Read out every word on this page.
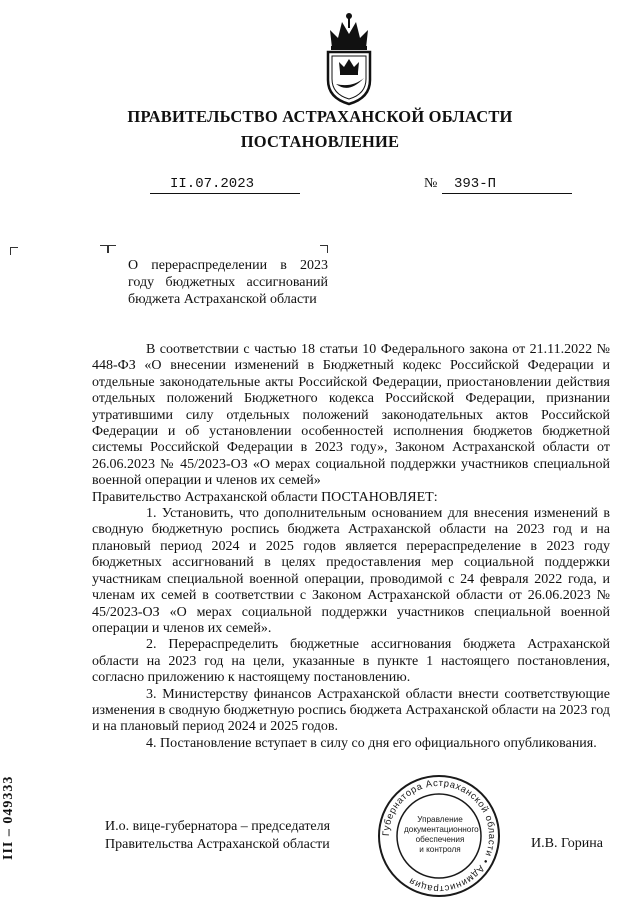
ПРАВИТЕЛЬСТВО АСТРАХАНСКОЙ ОБЛАСТИ
ПОСТАНОВЛЕНИЕ
II.07.2023	№	393-П
О перераспределении в 2023 году бюджетных ассигнований бюджета Астраханской области

В соответствии с частью 18 статьи 10 Федерального закона от 21.11.2022 № 448-ФЗ «О внесении изменений в Бюджетный кодекс Российской Федерации и отдельные законодательные акты Российской Федерации, приостановлении действия отдельных положений Бюджетного кодекса Российской Федерации, признании утратившими силу отдельных положений законодательных актов Российской Федерации и об установлении особенностей исполнения бюджетов бюджетной системы Российской Федерации в 2023 году», Законом Астраханской области от 26.06.2023 № 45/2023-ОЗ «О мерах социальной поддержки участников специальной военной операции и членов их семей»

Правительство Астраханской области ПОСТАНОВЛЯЕТ:

1. Установить, что дополнительным основанием для внесения изменений в сводную бюджетную роспись бюджета Астраханской области на 2023 год и на плановый период 2024 и 2025 годов является перераспределение в 2023 году бюджетных ассигнований в целях предоставления мер социальной поддержки участникам специальной военной операции, проводимой с 24 февраля 2022 года, и членам их семей в соответствии с Законом Астраханской области от 26.06.2023 № 45/2023-ОЗ «О мерах социальной поддержки участников специальной военной операции и членов их семей».

2. Перераспределить бюджетные ассигнования бюджета Астраханской области на 2023 год на цели, указанные в пункте 1 настоящего постановления, согласно приложению к настоящему постановлению.

3. Министерству финансов Астраханской области внести соответствующие изменения в сводную бюджетную роспись бюджета Астраханской области на 2023 год и на плановый период 2024 и 2025 годов.

4. Постановление вступает в силу со дня его официального опубликования.

III – 049333	И.о. вице-губернатора – председателя
Правительства Астраханской области
Губернатора Астраханской области • Администрация
Управление
документационного
обеспечения
и контроля	И.В. Горина
